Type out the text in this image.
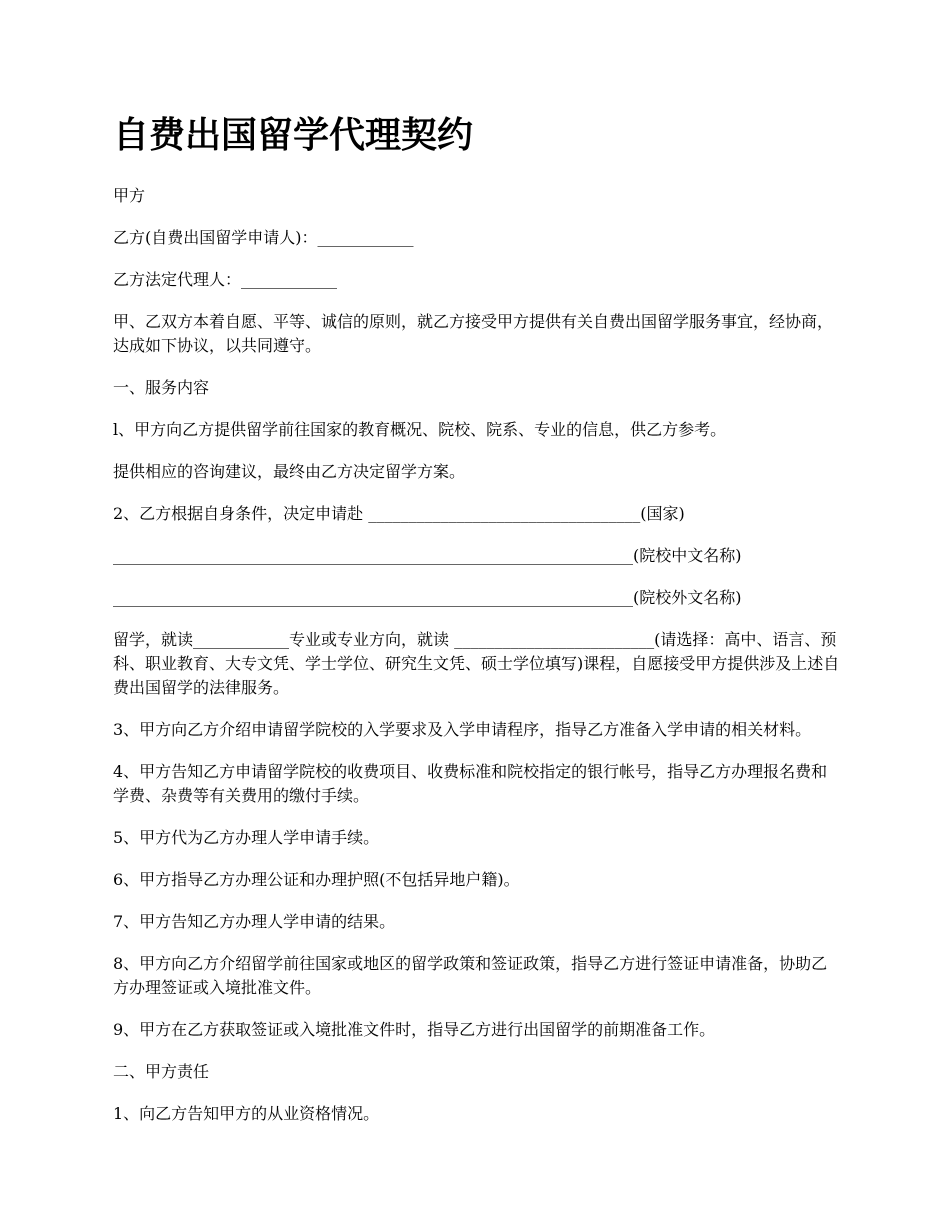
自费出国留学代理契约

甲方

乙方(自费出国留学申请人)：____________

乙方法定代理人：____________

甲、乙双方本着自愿、平等、诚信的原则，就乙方接受甲方提供有关自费出国留学服务事宜，经协商，达成如下协议，以共同遵守。

一、服务内容

l、甲方向乙方提供留学前往国家的教育概况、院校、院系、专业的信息，供乙方参考。

提供相应的咨询建议，最终由乙方决定留学方案。

2、乙方根据自身条件，决定申请赴 __________________________________(国家)

_________________________________________________________________(院校中文名称)

_________________________________________________________________(院校外文名称)

留学，就读____________专业或专业方向，就读 _________________________(请选择：高中、语言、预科、职业教育、大专文凭、学士学位、研究生文凭、硕士学位填写)课程，自愿接受甲方提供涉及上述自费出国留学的法律服务。

3、甲方向乙方介绍申请留学院校的入学要求及入学申请程序，指导乙方准备入学申请的相关材料。

4、甲方告知乙方申请留学院校的收费项目、收费标准和院校指定的银行帐号，指导乙方办理报名费和学费、杂费等有关费用的缴付手续。

5、甲方代为乙方办理人学申请手续。

6、甲方指导乙方办理公证和办理护照(不包括异地户籍)。

7、甲方告知乙方办理人学申请的结果。

8、甲方向乙方介绍留学前往国家或地区的留学政策和签证政策，指导乙方进行签证申请准备，协助乙方办理签证或入境批准文件。

9、甲方在乙方获取签证或入境批准文件时，指导乙方进行出国留学的前期准备工作。

二、甲方责任

1、向乙方告知甲方的从业资格情况。
